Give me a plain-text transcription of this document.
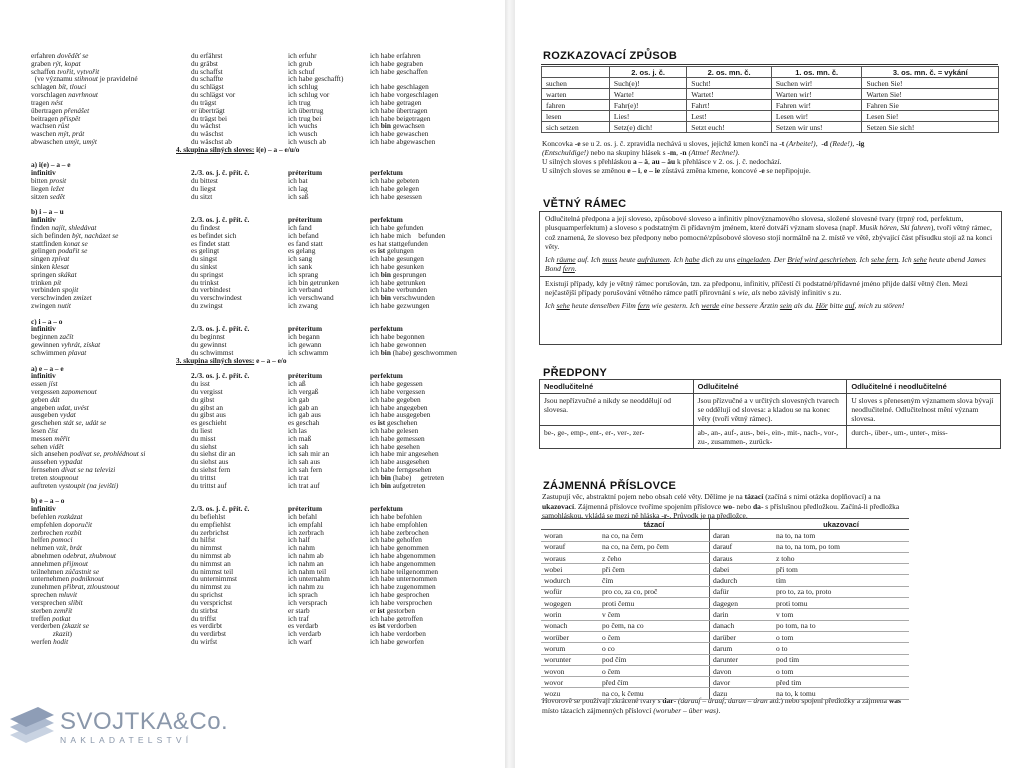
erfahren dověděť se	du erfährst	ich erfuhr	ich habe erfahren
graben rýt, kopat	du gräbst	ich grub	ich habe gegraben
schaffen tvořit, vytvořit	du schaffst	ich schuf	ich habe geschaffen
(ve významu stihnout je pravidelné	du schaffte	ich habe geschafft)
schlagen bít, tlouci	du schlägst	ich schlug	ich habe geschlagen
vorschlagen navrhnout	du schlägst vor	ich schlug vor	ich habe vorgeschlagen
tragen nést	du trägst	ich trug	ich habe getragen
übertragen přenášet	er überträgt	ich übertrug	ich habe übertragen
beitragen přispět	du trägst bei	ich trug bei	ich habe beigetragen
wachsen růst	du wächst	ich wuchs	ich bin gewachsen
waschen mýt, prát	du wäschst	ich wusch	ich habe gewaschen
abwaschen umýt, umýt	du wäschst ab	ich wusch ab	ich habe abgewaschen
4. skupina silných sloves: i(e) – a – e/u/o
a) i(e) – a – e
infinitiv	2./3. os. j. č. přít. č.	préteritum	perfektum
bitten prosit	du bittest	ich bat	ich habe gebeten
liegen ležet	du liegst	ich lag	ich habe gelegen
sitzen sedět	du sitzt	ich saß	ich habe gesessen
b) i – a – u
infinitiv	2./3. os. j. č. přít. č.	préteritum	perfektum
finden najít, shledávat	du findest	ich fand	ich habe gefunden
sich befinden být, nacházet se	es befindet sich	ich befand	ich habe mich    befunden
stattfinden konat se	es findet statt	es fand statt	es hat stattgefunden
gelingen podařit se	es gelingt	es gelang	es ist gelungen
singen zpívat	du singst	ich sang	ich habe gesungen
sinken klesat	du sinkst	ich sank	ich habe gesunken
springen skákat	du springst	ich sprang	ich bin gesprungen
trinken pít	du trinkst	ich bin getrunken	ich habe getrunken
verbinden spojit	du verbindest	ich verband	ich habe verbunden
verschwinden zmizet	du verschwindest	ich verschwand	ich bin verschwunden
zwingen nutit	du zwingst	ich zwang	ich habe gezwungen
c) i – a – o
infinitiv	2./3. os. j. č. přít. č.	préteritum	perfektum
beginnen začít	du beginnst	ich begann	ich habe begonnen
gewinnen vyhrát, získat	du gewinnst	ich gewann	ich habe gewonnen
schwimmen plavat	du schwimmst	ich schwamm	ich bin (habe) geschwommen
3. skupina silných sloves: e – a – e/o
a) e – a – e
infinitiv	2./3. os. j. č. přít. č.	préteritum	perfektum
essen jíst	du isst	ich aß	ich habe gegessen
vergessen zapomenout	du vergisst	ich vergaß	ich habe vergessen
geben dát	du gibst	ich gab	ich habe gegeben
angeben udat, uvést	du gibst an	ich gab an	ich habe angegeben
ausgeben vydat	du gibst aus	ich gab aus	ich habe ausgegeben
geschehen stát se, udát se	es geschieht	es geschah	es ist geschehen
lesen číst	du liest	ich las	ich habe gelesen
messen měřit	du misst	ich maß	ich habe gemessen
sehen vidět	du siehst	ich sah	ich habe gesehen
sich ansehen podívat se, prohlédnout si	du siehst dir an	ich sah mir an	ich habe mir angesehen
aussehen vypadat	du siehst aus	ich sah aus	ich habe ausgesehen
fernsehen dívat se na televizi	du siehst fern	ich sah fern	ich habe ferngesehen
treten stoupnout	du trittst	ich trat	ich bin (habe)     getreten
auftreten vystoupit (na jevišti)	du trittst auf	ich trat auf	ich bin aufgetreten
b) e – a – o
infinitiv	2./3. os. j. č. přít. č.	préteritum	perfektum
befehlen rozkázat	du befiehlst	ich befahl	ich habe befohlen
empfehlen doporučit	du empfiehlst	ich empfahl	ich habe empfohlen
zerbrechen rozbít	du zerbrichst	ich zerbrach	ich habe zerbrochen
helfen pomoci	du hilfst	ich half	ich habe geholfen
nehmen vzít, brát	du nimmst	ich nahm	ich habe genommen
abnehmen odebrat, zhubnout	du nimmst ab	ich nahm ab	ich habe abgenommen
annehmen přijmout	du nimmst an	ich nahm an	ich habe angenommen
teilnehmen zúčastnit se	du nimmst teil	ich nahm teil	ich habe teilgenommen
unternehmen podniknout	du unternimmst	ich unternahm	ich habe unternommen
zunehmen přibrat, ztloustnout	du nimmst zu	ich nahm zu	ich habe zugenommen
sprechen mluvit	du sprichst	ich sprach	ich habe gesprochen
versprechen slíbit	du versprichst	ich versprach	ich habe versprochen
sterben zemřít	du stirbst	er starb	er ist gestorben
treffen potkat	du triffst	ich traf	ich habe getroffen
verderben (zkazit se	es verdirbt	es verdarb	es ist verdorben
zkazit)	du verdirbst	ich verdarb	ich habe verdorben
werfen hodit	du wirfst	ich warf	ich habe geworfen
SVOJTKA&Co.
NAKLADATELSTVÍ
ROZKAZOVACÍ ZPŮSOB
	2. os. j. č.	2. os. mn. č.	1. os. mn. č.	3. os. mn. č. = vykání
suchen	Such(e)!	Sucht!	Suchen wir!	Suchen Sie!
warten	Warte!	Wartet!	Warten wir!	Warten Sie!
fahren	Fahr(e)!	Fahrt!	Fahren wir!	Fahren Sie
lesen	Lies!	Lest!	Lesen wir!	Lesen Sie!
sich setzen	Setz(e) dich!	Setzt euch!	Setzen wir uns!	Setzen Sie sich!
Koncovka -e se u 2. os. j. č. zpravidla nechává u sloves, jejichž kmen končí na -t (Arbeite!),  -d (Rede!), -ig
(Entschuldige!) nebo na skupiny hlásek s -m, -n (Atme! Rechne!).
U silných sloves s přehláskou a – ä, au – äu k přehlásce v 2. os. j. č. nedochází.
U silných sloves se změnou e – i, e – ie zůstává změna kmene, koncové -e se nepřipojuje.
VĚTNÝ RÁMEC

Odlučitelná předpona a její sloveso, způsobové sloveso a infinitiv plnovýznamového slovesa, složené slovesné tvary (trpný rod, perfektum, plusquamperfektum) a sloveso s podstatným či přídavným jménem, které dotváří význam slovesa (např. Musik hören, Ski fahren), tvoří větný rámec, což znamená, že sloveso bez předpony nebo pomocné/způsobové sloveso stojí normálně na 2. místě ve větě, zbývající část přísudku stojí až na konci věty.

Ich räume auf. Ich muss heute aufräumen. Ich habe dich zu uns eingeladen. Der Brief wird geschrieben. Ich sehe fern. Ich sehe heute abend James Bond fern.

Existují případy, kdy je větný rámec porušován, tzn. za předponu, infinitiv, příčestí či podstatné/přídavné jméno přijde další větný člen. Mezi nejčastější případy porušování větného rámce patří přirovnání s wie, als nebo závislý infinitiv s zu.

Ich sehe heute denselben Film fern wie gestern. Ich werde eine bessere Ärztin sein als du. Hör bitte auf, mich zu stören!

PŘEDPONY
Neodlučitelné	Odlučitelné	Odlučitelné i neodlučitelné
Jsou nepřízvučné a nikdy se neoddělují od slovesa.	Jsou přízvučné a v určitých slovesných tvarech se oddělují od slovesa: a kladou se na konec věty (tvoří větný rámec).	U sloves s přeneseným významem slova bývají neodlučitelné. Odlučitelnost mění význam slovesa.
be-, ge-, emp-, ent-, er-, ver-, zer-	ab-, an-, auf-, aus-, bei-, ein-, mit-, nach-, vor-, zu-, zusammen-, zurück-	durch-, über-, um-, unter-, miss-
ZÁJMENNÁ PŘÍSLOVCE
Zastupují věc, abstraktní pojem nebo obsah celé věty. Dělíme je na tázací (začíná s nimi otázka doplňovací) a na
ukazovací. Zájmenná příslovce tvoříme spojením příslovce wo- nebo da- s příslušnou předložkou. Začíná-li předložka
samohláskou, vkládá se mezi ně hláska -r-. Průvodk je na předložce.
Hovorově se používají zkrácené tvary s dar- (darauf – drauf, daran – dran atd.) nebo spojení předložky a zájmena was
místo tázacích zájmenných příslovcí (woruber – über was).
	tázací		ukazovací
woran	na co, na čem	daran	na to, na tom
worauf	na co, na čem, po čem	darauf	na to, na tom, po tom
woraus	z čeho	daraus	z toho
wobei	při čem	dabei	při tom
wodurch	čím	dadurch	tím
wofür	pro co, za co, proč	dafür	pro to, za to, proto
wogegen	proti čemu	dagegen	proti tomu
worin	v čem	darin	v tom
wonach	po čem, na co	danach	po tom, na to
worüber	o čem	darüber	o tom
worum	o co	darum	o to
worunter	pod čím	darunter	pod tím
wovon	o čem	davon	o tom
wovor	před čím	davor	před tím
wozu	na co, k čemu	dazu	na to, k tomu
